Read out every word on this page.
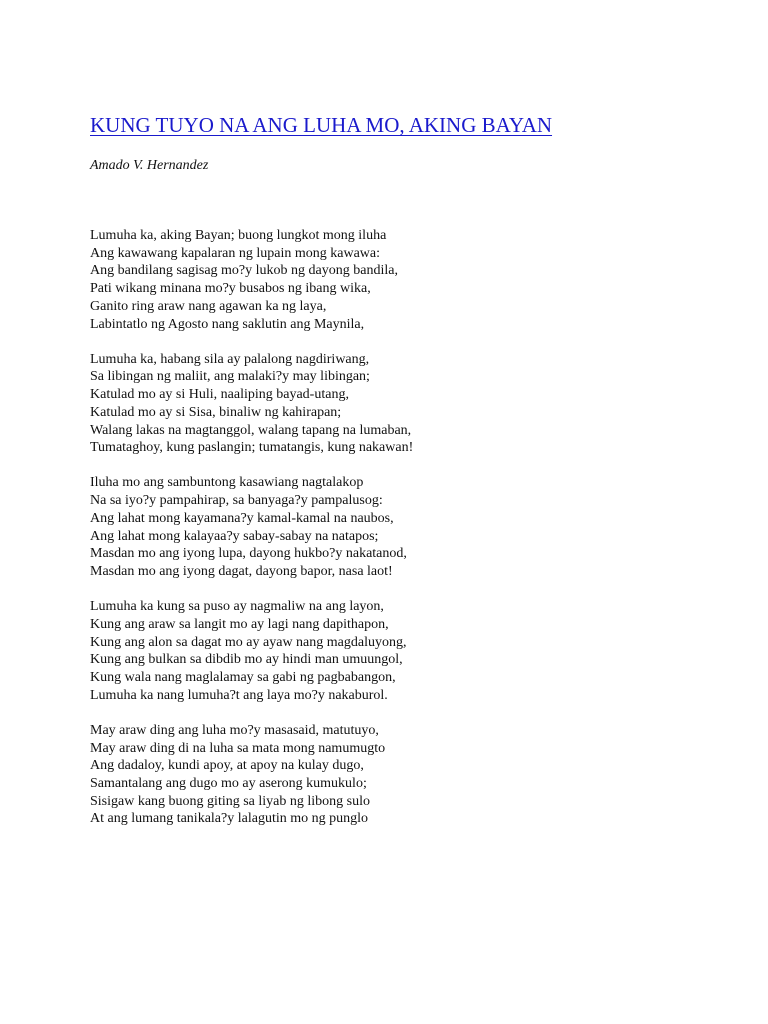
KUNG TUYO NA ANG LUHA MO, AKING BAYAN
Amado V. Hernandez
Lumuha ka, aking Bayan; buong lungkot mong iluha
Ang kawawang kapalaran ng lupain mong kawawa:
Ang bandilang sagisag mo?y lukob ng dayong bandila,
Pati wikang minana mo?y busabos ng ibang wika,
Ganito ring araw nang agawan ka ng laya,
Labintatlo ng Agosto nang saklutin ang Maynila,
Lumuha ka, habang sila ay palalong nagdiriwang,
Sa libingan ng maliit, ang malaki?y may libingan;
Katulad mo ay si Huli, naaliping bayad-utang,
Katulad mo ay si Sisa, binaliw ng kahirapan;
Walang lakas na magtanggol, walang tapang na lumaban,
Tumataghoy, kung paslangin; tumatangis, kung nakawan!
Iluha mo ang sambuntong kasawiang nagtalakop
Na sa iyo?y pampahirap, sa banyaga?y pampalusog:
Ang lahat mong kayamana?y kamal-kamal na naubos,
Ang lahat mong kalayaa?y sabay-sabay na natapos;
Masdan mo ang iyong lupa, dayong hukbo?y nakatanod,
Masdan mo ang iyong dagat, dayong bapor, nasa laot!
Lumuha ka kung sa puso ay nagmaliw na ang layon,
Kung ang araw sa langit mo ay lagi nang dapithapon,
Kung ang alon sa dagat mo ay ayaw nang magdaluyong,
Kung ang bulkan sa dibdib mo ay hindi man umuungol,
Kung wala nang maglalamay sa gabi ng pagbabangon,
Lumuha ka nang lumuha?t ang laya mo?y nakaburol.
May araw ding ang luha mo?y masasaid, matutuyo,
May araw ding di na luha sa mata mong namumugto
Ang dadaloy, kundi apoy, at apoy na kulay dugo,
Samantalang ang dugo mo ay aserong kumukulo;
Sisigaw kang buong giting sa liyab ng libong sulo
At ang lumang tanikala?y lalagutin mo ng punglo
